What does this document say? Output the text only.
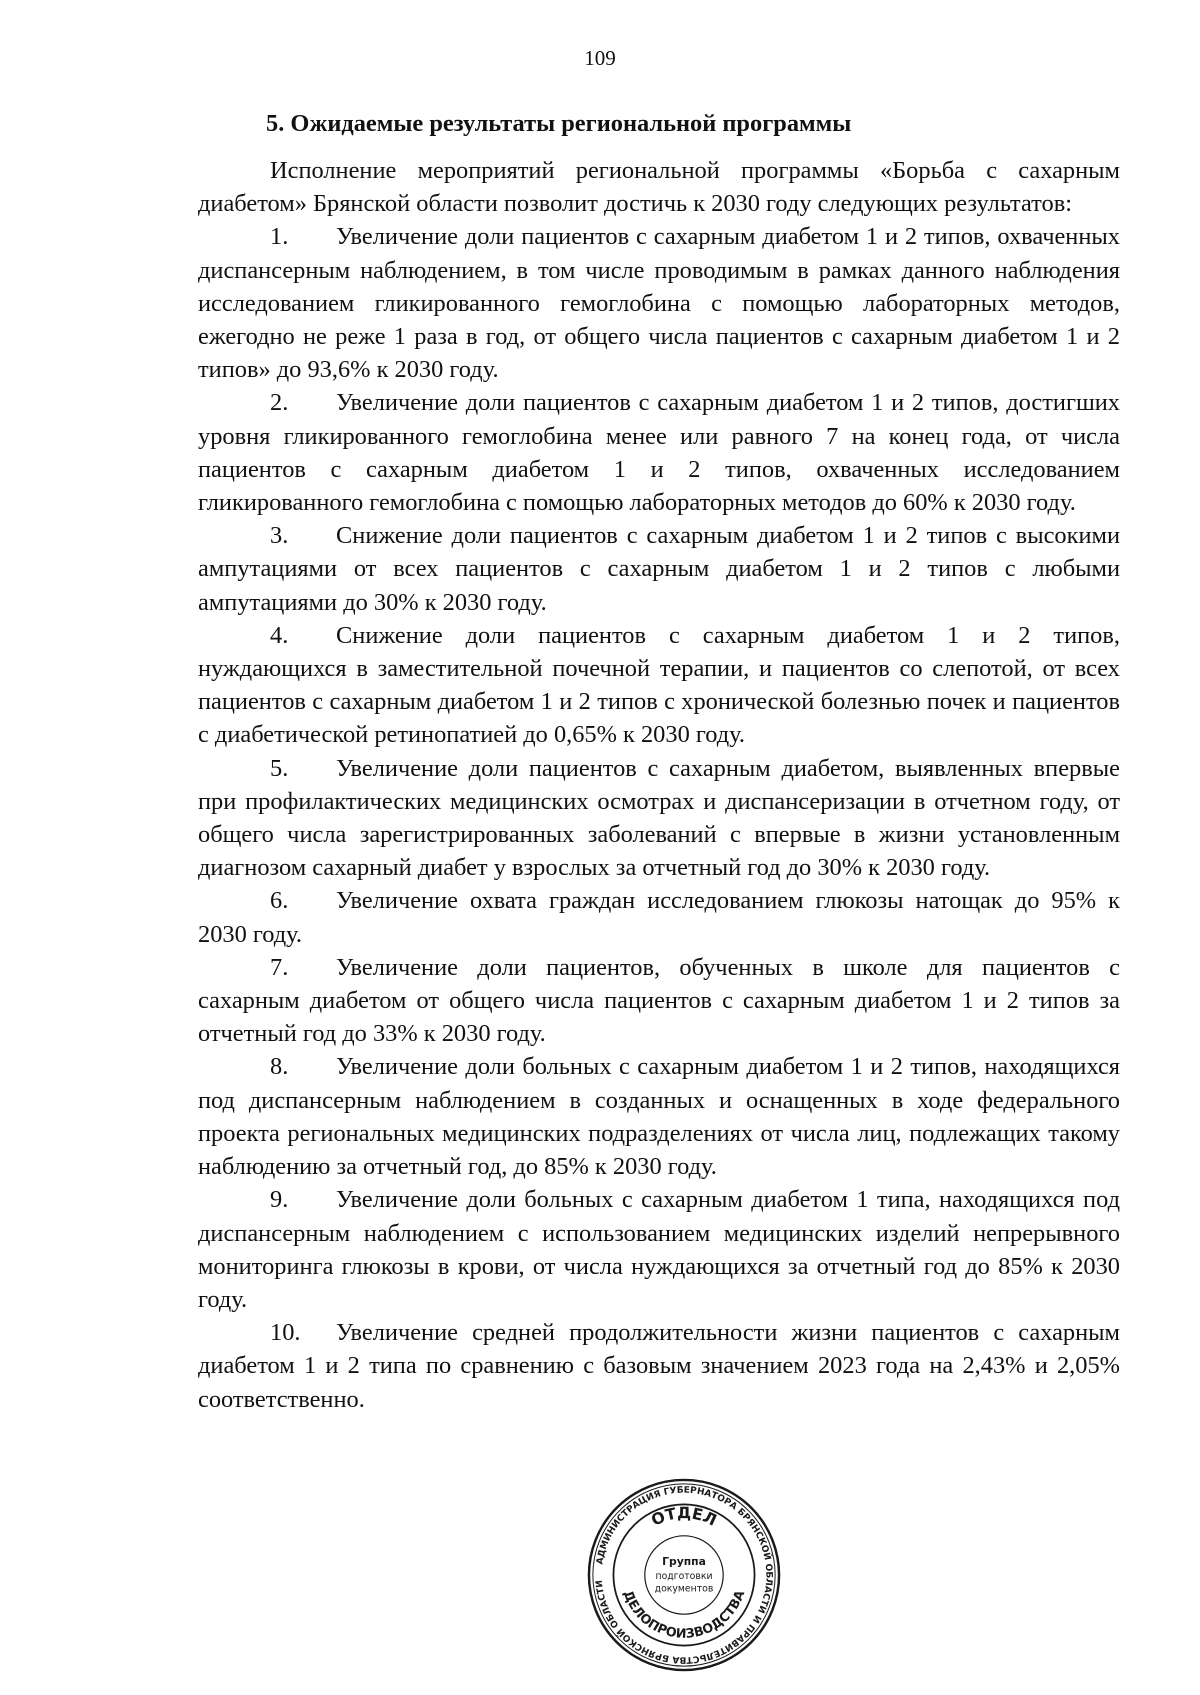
109

5. Ожидаемые результаты региональной программы

Исполнение мероприятий региональной программы «Борьба с сахарным диабетом» Брянской области позволит достичь к 2030 году следующих результатов:

1. Увеличение доли пациентов с сахарным диабетом 1 и 2 типов, охваченных диспансерным наблюдением, в том числе проводимым в рамках данного наблюдения исследованием гликированного гемоглобина с помощью лабораторных методов, ежегодно не реже 1 раза в год, от общего числа пациентов с сахарным диабетом 1 и 2 типов» до 93,6% к 2030 году.

2. Увеличение доли пациентов с сахарным диабетом 1 и 2 типов, достигших уровня гликированного гемоглобина менее или равного 7 на конец года, от числа пациентов с сахарным диабетом 1 и 2 типов, охваченных исследованием гликированного гемоглобина с помощью лабораторных методов до 60% к 2030 году.

3. Снижение доли пациентов с сахарным диабетом 1 и 2 типов с высокими ампутациями от всех пациентов с сахарным диабетом 1 и 2 типов с любыми ампутациями до 30% к 2030 году.

4. Снижение доли пациентов с сахарным диабетом 1 и 2 типов, нуждающихся в заместительной почечной терапии, и пациентов со слепотой, от всех пациентов с сахарным диабетом 1 и 2 типов с хронической болезнью почек и пациентов с диабетической ретинопатией до 0,65% к 2030 году.

5. Увеличение доли пациентов с сахарным диабетом, выявленных впервые при профилактических медицинских осмотрах и диспансеризации в отчетном году, от общего числа зарегистрированных заболеваний с впервые в жизни установленным диагнозом сахарный диабет у взрослых за отчетный год до 30% к 2030 году.

6. Увеличение охвата граждан исследованием глюкозы натощак до 95% к 2030 году.

7. Увеличение доли пациентов, обученных в школе для пациентов с сахарным диабетом от общего числа пациентов с сахарным диабетом 1 и 2 типов за отчетный год до 33% к 2030 году.

8. Увеличение доли больных с сахарным диабетом 1 и 2 типов, находящихся под диспансерным наблюдением в созданных и оснащенных в ходе федерального проекта региональных медицинских подразделениях от числа лиц, подлежащих такому наблюдению за отчетный год, до 85% к 2030 году.

9. Увеличение доли больных с сахарным диабетом 1 типа, находящихся под диспансерным наблюдением с использованием медицинских изделий непрерывного мониторинга глюкозы в крови, от числа нуждающихся за отчетный год до 85% к 2030 году.

10. Увеличение средней продолжительности жизни пациентов с сахарным диабетом 1 и 2 типа по сравнению с базовым значением 2023 года на 2,43% и 2,05% соответственно.

АДМИНИСТРАЦИЯ ГУБЕРНАТОРА БРЯНСКОЙ ОБЛАСТИ И ПРАВИТЕЛЬСТВА БРЯНСКОЙ ОБЛАСТИ
ОТДЕЛ
ДЕЛОПРОИЗВОДСТВА
Группа
подготовки
документов
